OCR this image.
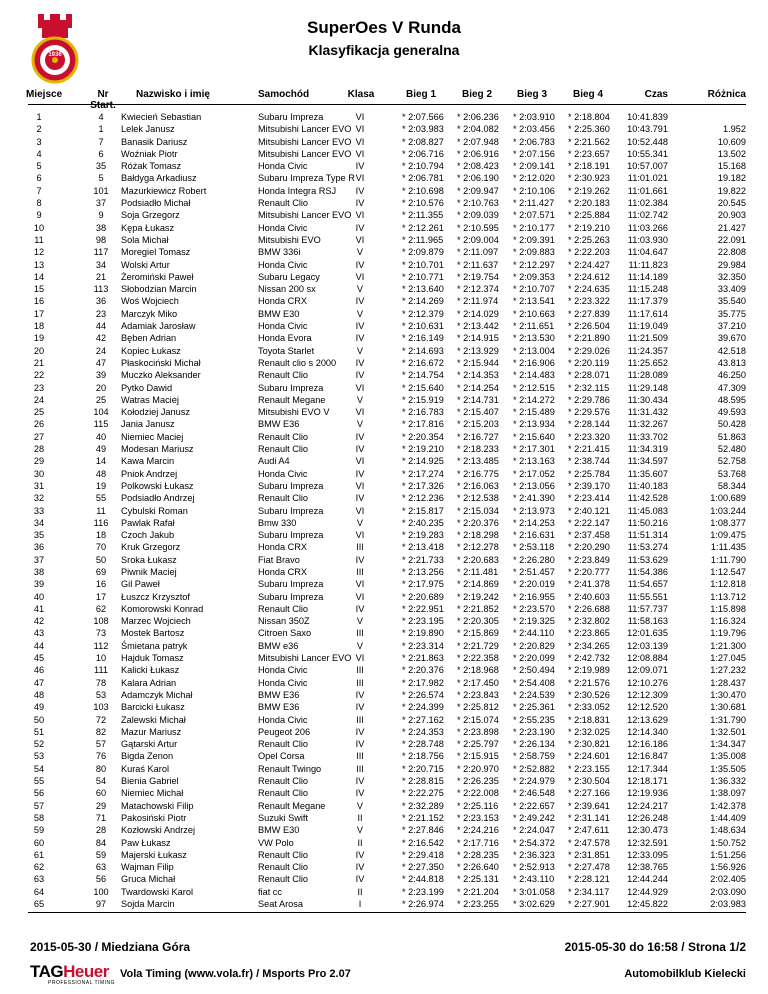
1936
SuperOes V Runda
Klasyfikacja generalna
Miejsce	Nr Start.
Nazwisko i imię	Samochód	Klasa	Bieg 1	Bieg 2 Bieg 3	Bieg 4	Czas	Różnica
1	4	Kwiecień Sebastian	Subaru Impreza	VI	* 2:07.566 * 2:06.236 * 2:03.910 * 2:18.804	10:41.839
2	1	Lelek Janusz	Mitsubishi Lancer EVO VI	* 2:03.983 * 2:04.082 * 2:03.456 * 2:25.360	10:43.791	1.952
3	7	Banasik Dariusz	Mitsubishi Lancer EVO VI	* 2:08.827 * 2:07.948 * 2:06.783 * 2:21.562	10:52.448	10.609
4	6	Woźniak Piotr	Mitsubishi Lancer EVO VI	* 2:06.716 * 2:06.916 * 2:07.156 * 2:23.657	10:55.341	13.502
5	35	Różak Tomasz	Honda Civic	IV	* 2:10.794 * 2:08.423 * 2:09.141 * 2:18.191	10:57.007	15.168
6	5	Bałdyga Arkadiusz	Subaru Impreza Type R VI	* 2:06.781 * 2:06.190 * 2:12.020 * 2:30.923	11:01.021	19.182
7	101	Mazurkiewicz Robert	Honda Integra RSJ	IV	* 2:10.698 * 2:09.947 * 2:10.106 * 2:19.262	11:01.661	19.822
8	37	Podsiadło Michał	Renault Clio	IV	* 2:10.576 * 2:10.763 * 2:11.427 * 2:20.183	11:02.384	20.545
9	9	Soja Grzegorz	Mitsubishi Lancer EVO VI	* 2:11.355 * 2:09.039 * 2:07.571 * 2:25.884	11:02.742	20.903
10	38	Kępa Łukasz	Honda Civic	IV	* 2:12.261 * 2:10.595 * 2:10.177 * 2:19.210	11:03.266	21.427
11	98	Sola Michał	Mitsubishi EVO	VI	* 2:11.965 * 2:09.004 * 2:09.391 * 2:25.263	11:03.930	22.091
12	117	Moregiel Tomasz	BMW 336i	V	* 2:09.879 * 2:11.097 * 2:09.883 * 2:22.203	11:04.647	22.808
13	34	Wolski Artur	Honda Civic	IV	* 2:10.701 * 2:11.637 * 2:12.297 * 2:24.427	11:11.823	29.984
14	21	Żeromiński Paweł	Subaru Legacy	VI	* 2:10.771 * 2:19.754 * 2:09.353 * 2:24.612	11:14.189	32.350
15	113	Słobodzian Marcin	Nissan 200 sx	V	* 2:13.640 * 2:12.374 * 2:10.707 * 2:24.635	11:15.248	33.409
16	36	Woś Wojciech	Honda CRX	IV	* 2:14.269 * 2:11.974 * 2:13.541 * 2:23.322	11:17.379	35.540
17	23	Marczyk Miko	BMW E30	V	* 2:12.379 * 2:14.029 * 2:10.663 * 2:27.839	11:17.614	35.775
18	44	Adamiak Jarosław	Honda Civic	IV	* 2:10.631 * 2:13.442 * 2:11.651 * 2:26.504	11:19.049	37.210
19	42	Bęben Adrian	Honda Evora	IV	* 2:16.149 * 2:14.915 * 2:13.530 * 2:21.890	11:21.509	39.670
20	24	Kopiec Łukasz	Toyota Starlet	V	* 2:14.693 * 2:13.929 * 2:13.004 * 2:29.026	11:24.357	42.518
21	47	Płaskociński Michał	Renault clio s 2000	IV	* 2:16.672 * 2:15.944 * 2:16.906 * 2:20.119	11:25.652	43.813
22	39	Muczko Aleksander	Renault Clio	IV	* 2:14.754 * 2:14.353 * 2:14.483 * 2:28.071	11:28.089	46.250
23	20	Pytko Dawid	Subaru Impreza	VI	* 2:15.640 * 2:14.254 * 2:12.515 * 2:32.115	11:29.148	47.309
24	25	Watras Maciej	Renault Megane	V	* 2:15.919 * 2:14.731 * 2:14.272 * 2:29.786	11:30.434	48.595
25	104	Kołodziej Janusz	Mitsubishi EVO V	VI	* 2:16.783 * 2:15.407 * 2:15.489 * 2:29.576	11:31.432	49.593
26	115	Jania Janusz	BMW E36	V	* 2:17.816 * 2:15.203 * 2:13.934 * 2:28.144	11:32.267	50.428
27	40	Niemiec Maciej	Renault Clio	IV	* 2:20.354 * 2:16.727 * 2:15.640 * 2:23.320	11:33.702	51.863
28	49	Modesan Mariusz	Renault Clio	IV	* 2:19.210 * 2:18.233 * 2:17.301 * 2:21.415	11:34.319	52.480
29	14	Kawa Marcin	Audi A4	VI	* 2:14.925 * 2:13.485 * 2:13.163 * 2:38.744	11:34.597	52.758
30	48	Pniok Andrzej	Honda Civic	IV	* 2:17.274 * 2:16.775 * 2:17.052 * 2:25.784	11:35.607	53.768
31	19	Polkowski Łukasz	Subaru Impreza	VI	* 2:17.326 * 2:16.063 * 2:13.056 * 2:39.170	11:40.183	58.344
32	55	Podsiadło Andrzej	Renault Clio	IV	* 2:12.236 * 2:12.538 * 2:41.390 * 2:23.414	11:42.528	1:00.689
33	11	Cybulski Roman	Subaru Impreza	VI	* 2:15.817 * 2:15.034 * 2:13.973 * 2:40.121	11:45.083	1:03.244
34	116	Pawlak Rafał	Bmw 330	V	* 2:40.235 * 2:20.376 * 2:14.253 * 2:22.147	11:50.216	1:08.377
35	18	Czoch Jakub	Subaru Impreza	VI	* 2:19.283 * 2:18.298 * 2:16.631 * 2:37.458	11:51.314	1:09.475
36	70	Kruk Grzegorz	Honda CRX	III	* 2:13.418 * 2:12.278 * 2:53.118 * 2:20.290	11:53.274	1:11.435
37	50	Sroka Łukasz	Fiat Bravo	IV	* 2:21.733 * 2:20.683 * 2:26.280 * 2:23.849	11:53.629	1:11.790
38	69	Piwnik Maciej	Honda CRX	III	* 2:13.256 * 2:11.481 * 2:51.457 * 2:20.777	11:54.386	1:12.547
39	16	Gil Paweł	Subaru Impreza	VI	* 2:17.975 * 2:14.869 * 2:20.019 * 2:41.378	11:54.657	1:12.818
40	17	Łuszcz Krzysztof	Subaru Impreza	VI	* 2:20.689 * 2:19.242 * 2:16.955 * 2:40.603	11:55.551	1:13.712
41	62	Komorowski Konrad	Renault Clio	IV	* 2:22.951 * 2:21.852 * 2:23.570 * 2:26.688	11:57.737	1:15.898
42	108	Marzec Wojciech	Nissan 350Z	V	* 2:23.195 * 2:20.305 * 2:19.325 * 2:32.802	11:58.163	1:16.324
43	73	Mostek Bartosz	Citroen Saxo	III	* 2:19.890 * 2:15.869 * 2:44.110 * 2:23.865	12:01.635	1:19.796
44	112	Śmietana patryk	BMW e36	V	* 2:23.314 * 2:21.729 * 2:20.829 * 2:34.265	12:03.139	1:21.300
45	10	Hajduk Tomasz	Mitsubishi Lancer EVO VI	* 2:21.863 * 2:22.358 * 2:20.099 * 2:42.732	12:08.884	1:27.045
46	111	Kalicki Łukasz	Honda Civic	III	* 2:20.376 * 2:18.968 * 2:50.494 * 2:19.989	12:09.071	1:27.232
47	78	Kalara Adrian	Honda Civic	III	* 2:17.982 * 2:17.450 * 2:54.408 * 2:21.576	12:10.276	1:28.437
48	53	Adamczyk Michał	BMW E36	IV	* 2:26.574 * 2:23.843 * 2:24.539 * 2:30.526	12:12.309	1:30.470
49	103	Barcicki Łukasz	BMW E36	IV	* 2:24.399 * 2:25.812 * 2:25.361 * 2:33.052	12:12.520	1:30.681
50	72	Zalewski Michał	Honda Civic	III	* 2:27.162 * 2:15.074 * 2:55.235 * 2:18.831	12:13.629	1:31.790
51	82	Mazur Mariusz	Peugeot 206	IV	* 2:24.353 * 2:23.898 * 2:23.190 * 2:32.025	12:14.340	1:32.501
52	57	Gątarski Artur	Renault Clio	IV	* 2:28.748 * 2:25.797 * 2:26.134 * 2:30.821	12:16.186	1:34.347
53	76	Bigda Zenon	Opel Corsa	III	* 2:18.756 * 2:15.915 * 2:58.759 * 2:24.601	12:16.847	1:35.008
54	80	Kuraś Karol	Renault Twingo	III	* 2:20.715 * 2:20.970 * 2:52.882 * 2:23.155	12:17.344	1:35.505
55	54	Bienia Gabriel	Renault Clio	IV	* 2:28.815 * 2:26.235 * 2:24.979 * 2:30.504	12:18.171	1:36.332
56	60	Niemiec Michał	Renault Clio	IV	* 2:22.275 * 2:22.008 * 2:46.548 * 2:27.166	12:19.936	1:38.097
57	29	Matachowski Filip	Renault Megane	V	* 2:32.289 * 2:25.116 * 2:22.657 * 2:39.641	12:24.217	1:42.378
58	71	Pakosiński Piotr	Suzuki Swift	II	* 2:21.152 * 2:23.153 * 2:49.242 * 2:31.141	12:26.248	1:44.409
59	28	Kozłowski Andrzej	BMW E30	V	* 2:27.846 * 2:24.216 * 2:24.047 * 2:47.611	12:30.473	1:48.634
60	84	Paw Łukasz	VW Polo	II	* 2:16.542 * 2:17.716 * 2:54.372 * 2:47.578	12:32.591	1:50.752
61	59	Majerski Łukasz	Renault Clio	IV	* 2:29.418 * 2:28.235 * 2:36.323 * 2:31.851	12:33.095	1:51.256
62	63	Wajman Filip	Renault Clio	IV	* 2:27.350 * 2:26.640 * 2:52.913 * 2:27.478	12:38.765	1:56.926
63	56	Gruca Michał	Renault Clio	IV	* 2:44.818 * 2:25.131 * 2:43.110 * 2:28.121	12:44.244	2:02.405
64	100	Twardowski Karol	fiat cc	II	* 2:23.199 * 2:21.204 * 3:01.058 * 2:34.117	12:44.929	2:03.090
65	97	Sojda Marcin	Seat Arosa	I	* 2:26.974 * 2:23.255 * 3:02.629 * 2:27.901	12:45.822	2:03.983
2015-05-30 / Miedziana Góra	2015-05-30 do 16:58 / Strona 1/2
TAGHeuer
PROFESSIONAL TIMING
Vola Timing (www.vola.fr) / Msports Pro 2.07	Automobilklub Kielecki
